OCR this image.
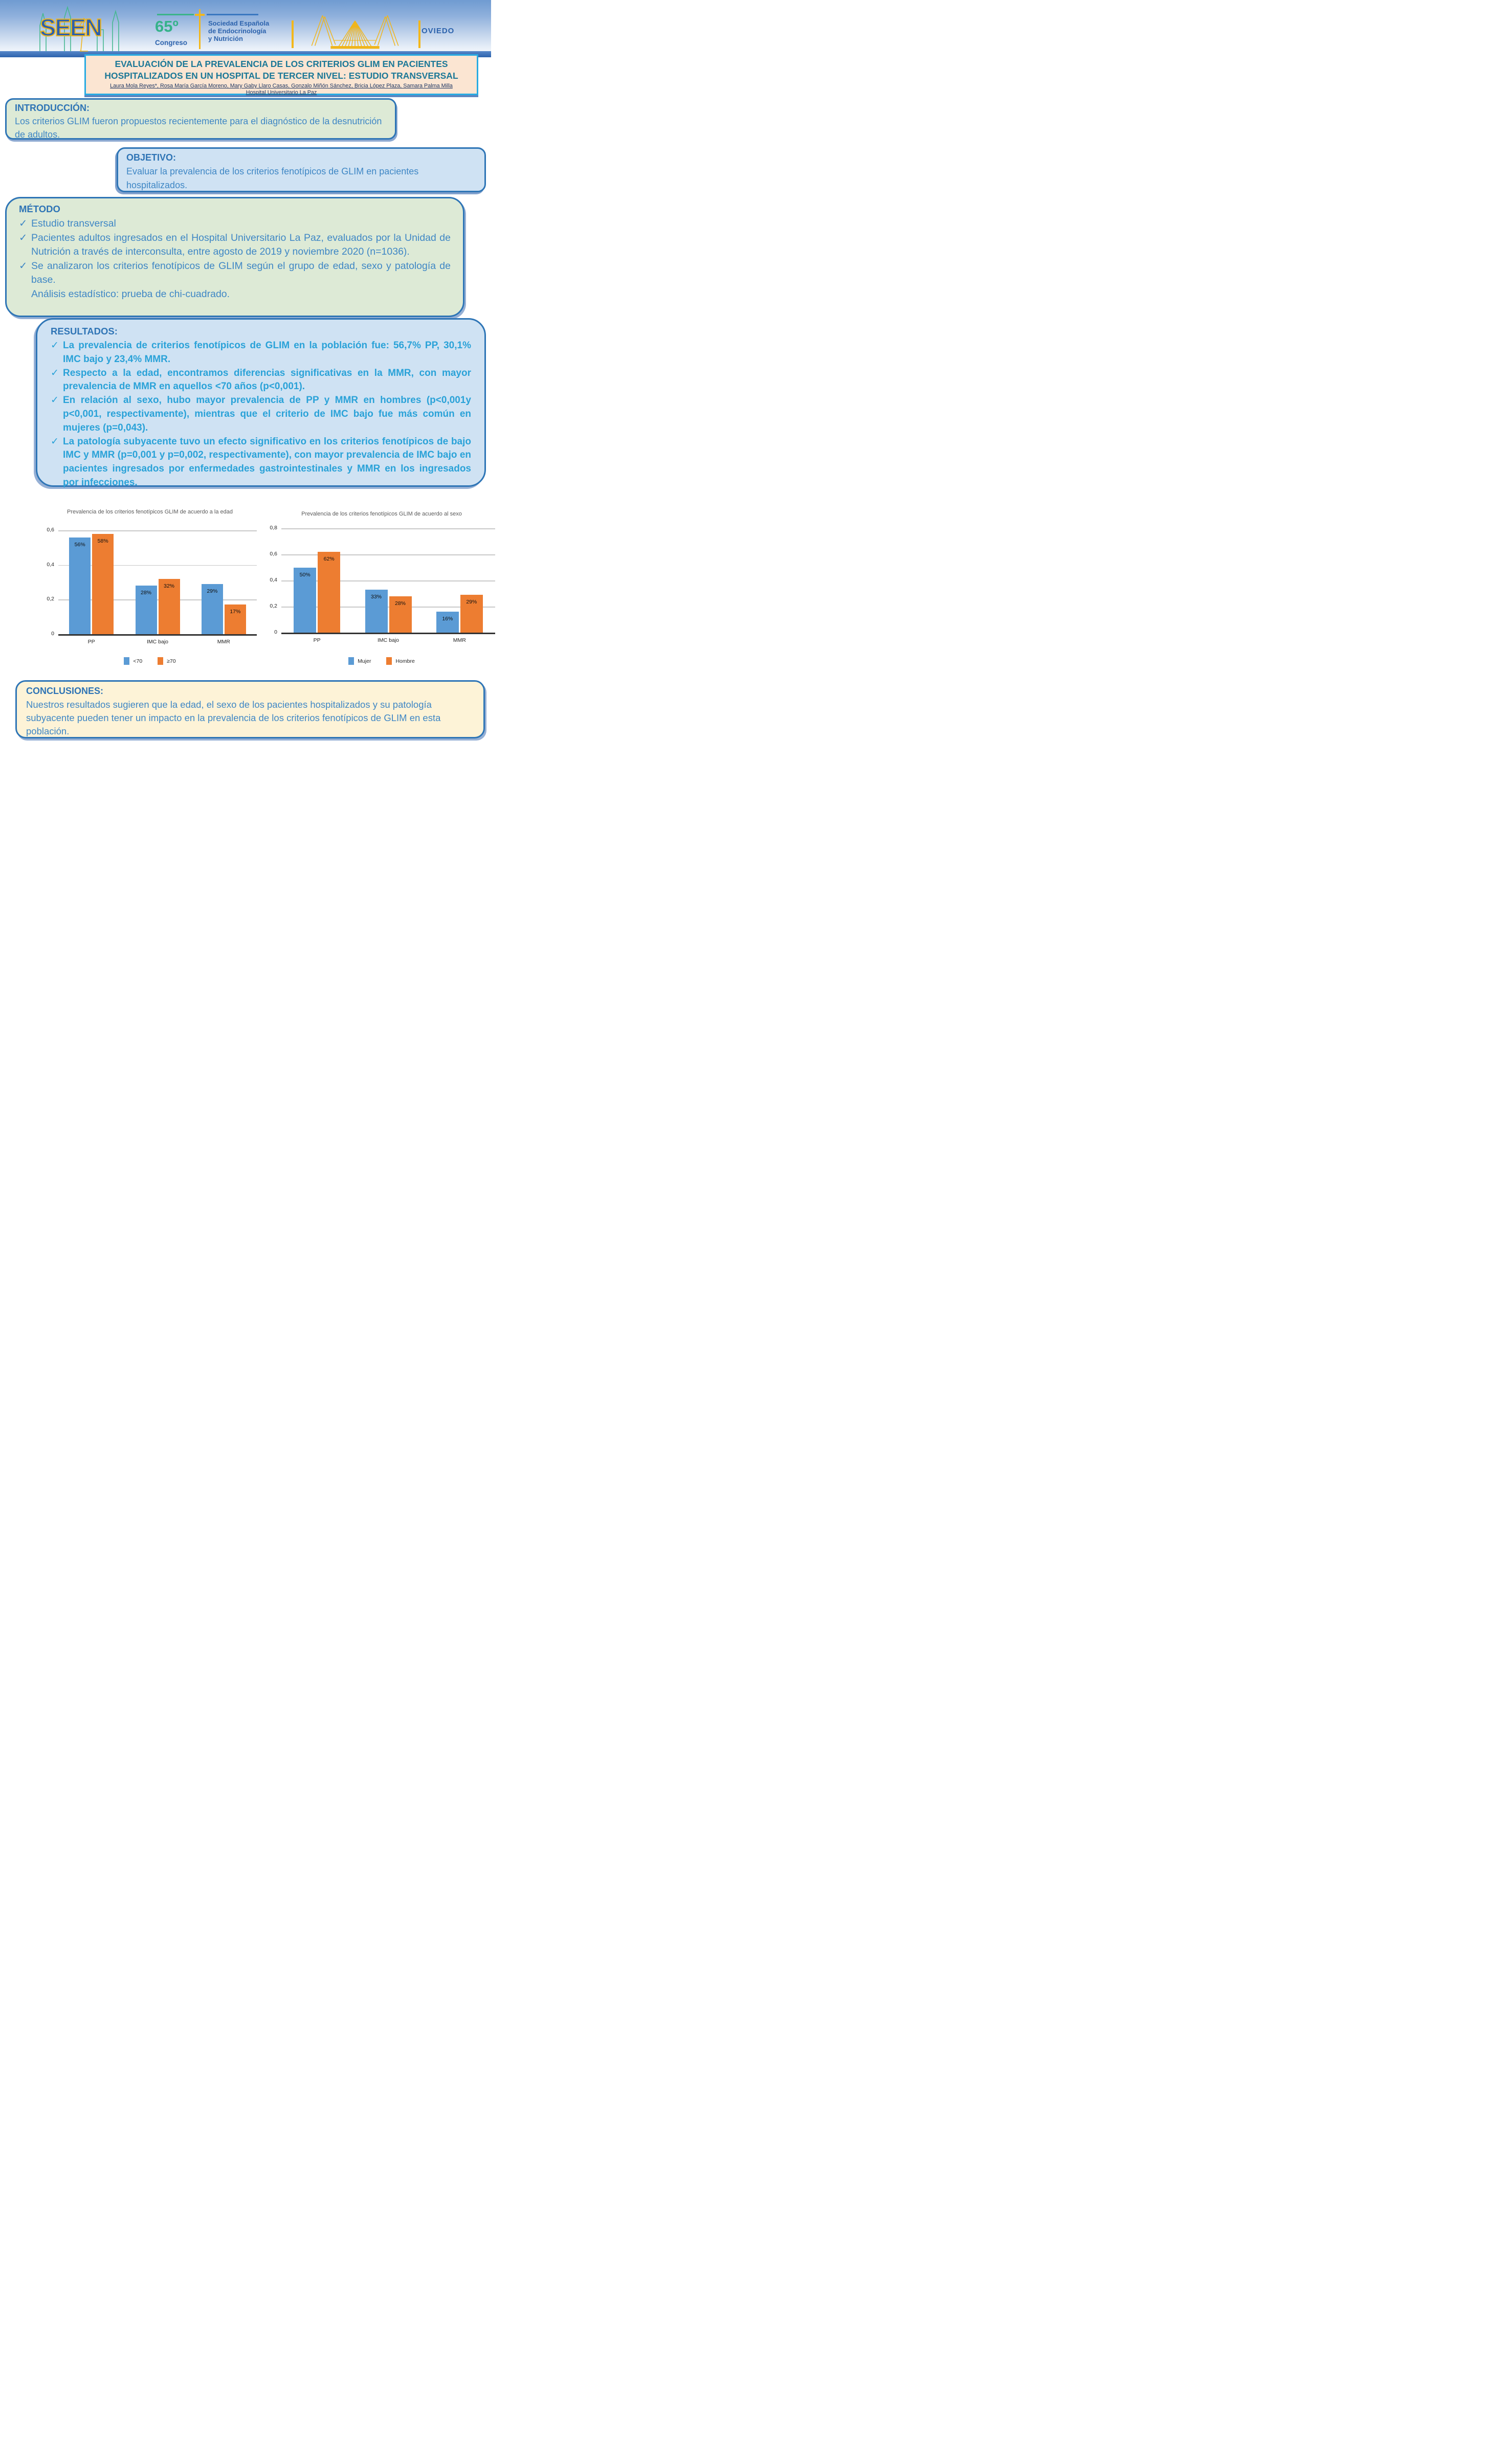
SEEN	65º
Congreso
Sociedad Española
de Endocrinología
y Nutrición
OVIEDO
EVALUACIÓN DE LA PREVALENCIA DE LOS CRITERIOS GLIM EN PACIENTES HOSPITALIZADOS EN UN HOSPITAL DE TERCER NIVEL: ESTUDIO TRANSVERSAL
Laura Mola Reyes*, Rosa María García Moreno, Mary Gaby Llaro Casas, Gonzalo Miñón Sánchez, Bricia López Plaza, Samara Palma Milla
Hospital Universitario La Paz
INTRODUCCIÓN:
Los criterios GLIM fueron propuestos recientemente para el diagnóstico de la desnutrición de adultos.
OBJETIVO:
Evaluar la prevalencia de los criterios fenotípicos de GLIM en pacientes hospitalizados.
MÉTODO
✓ Estudio transversal
✓ Pacientes adultos ingresados en el Hospital Universitario La Paz, evaluados por la Unidad de Nutrición a través de interconsulta, entre agosto de 2019 y noviembre 2020 (n=1036).
✓ Se analizaron los criterios fenotípicos de GLIM según el grupo de edad, sexo y patología de base.
Análisis estadístico: prueba de chi-cuadrado.
RESULTADOS:
✓ La prevalencia de criterios fenotípicos de GLIM en la población fue: 56,7% PP, 30,1% IMC bajo y 23,4% MMR.
✓ Respecto a la edad, encontramos diferencias significativas en la MMR, con mayor prevalencia de MMR en aquellos <70 años (p<0,001).
✓ En relación al sexo, hubo mayor prevalencia de PP y MMR en hombres (p<0,001y p<0,001, respectivamente), mientras que el criterio de IMC bajo fue más común en mujeres (p=0,043).
✓ La patología subyacente tuvo un efecto significativo en los criterios fenotípicos de bajo IMC y MMR (p=0,001 y p=0,002, respectivamente), con mayor prevalencia de IMC bajo en pacientes ingresados por enfermedades gastrointestinales y MMR en los ingresados por infecciones.
Prevalencia de los criterios fenotípicos GLIM de acuerdo a la edad
0
0,2
0,4
0,6
56%
58%
PP
28%
32%
IMC bajo
29%
17%
MMR
<70	≥70
Prevalencia de los criterios fenotípicos GLIM de acuerdo al sexo
0
0,2
0,4
0,6
0,8
50%
62%
PP
33%
28%
IMC bajo
16%
29%
MMR
Mujer	Hombre
CONCLUSIONES:
Nuestros resultados sugieren que la edad, el sexo de los pacientes hospitalizados y su patología subyacente pueden tener un impacto en la prevalencia de los criterios fenotípicos de GLIM en esta población.
